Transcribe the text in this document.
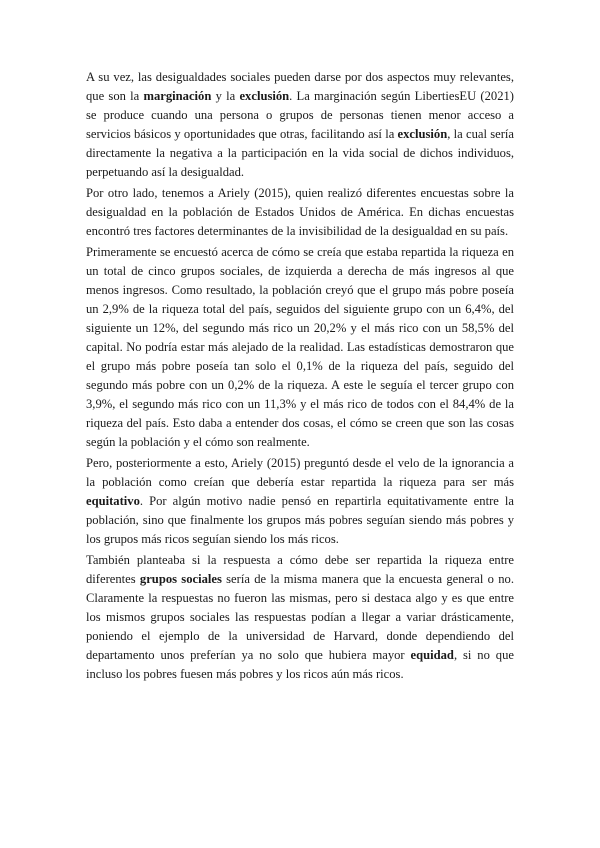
A su vez, las desigualdades sociales pueden darse por dos aspectos muy relevantes, que son la marginación y la exclusión. La marginación según LibertiesEU (2021) se produce cuando una persona o grupos de personas tienen menor acceso a servicios básicos y oportunidades que otras, facilitando así la exclusión, la cual sería directamente la negativa a la participación en la vida social de dichos individuos, perpetuando así la desigualdad.

Por otro lado, tenemos a Ariely (2015), quien realizó diferentes encuestas sobre la desigualdad en la población de Estados Unidos de América. En dichas encuestas encontró tres factores determinantes de la invisibilidad de la desigualdad en su país.

Primeramente se encuestó acerca de cómo se creía que estaba repartida la riqueza en un total de cinco grupos sociales, de izquierda a derecha de más ingresos al que menos ingresos. Como resultado, la población creyó que el grupo más pobre poseía un 2,9% de la riqueza total del país, seguidos del siguiente grupo con un 6,4%, del siguiente un 12%, del segundo más rico un 20,2% y el más rico con un 58,5% del capital. No podría estar más alejado de la realidad. Las estadísticas demostraron que el grupo más pobre poseía tan solo el 0,1% de la riqueza del país, seguido del segundo más pobre con un 0,2% de la riqueza. A este le seguía el tercer grupo con 3,9%, el segundo más rico con un 11,3% y el más rico de todos con el 84,4% de la riqueza del país. Esto daba a entender dos cosas, el cómo se creen que son las cosas según la población y el cómo son realmente.

Pero, posteriormente a esto, Ariely (2015) preguntó desde el velo de la ignorancia a la población como creían que debería estar repartida la riqueza para ser más equitativo. Por algún motivo nadie pensó en repartirla equitativamente entre la población, sino que finalmente los grupos más pobres seguían siendo más pobres y los grupos más ricos seguían siendo los más ricos.

También planteaba si la respuesta a cómo debe ser repartida la riqueza entre diferentes grupos sociales sería de la misma manera que la encuesta general o no. Claramente la respuestas no fueron las mismas, pero si destaca algo y es que entre los mismos grupos sociales las respuestas podían a llegar a variar drásticamente, poniendo el ejemplo de la universidad de Harvard, donde dependiendo del departamento unos preferían ya no solo que hubiera mayor equidad, si no que incluso los pobres fuesen más pobres y los ricos aún más ricos.
